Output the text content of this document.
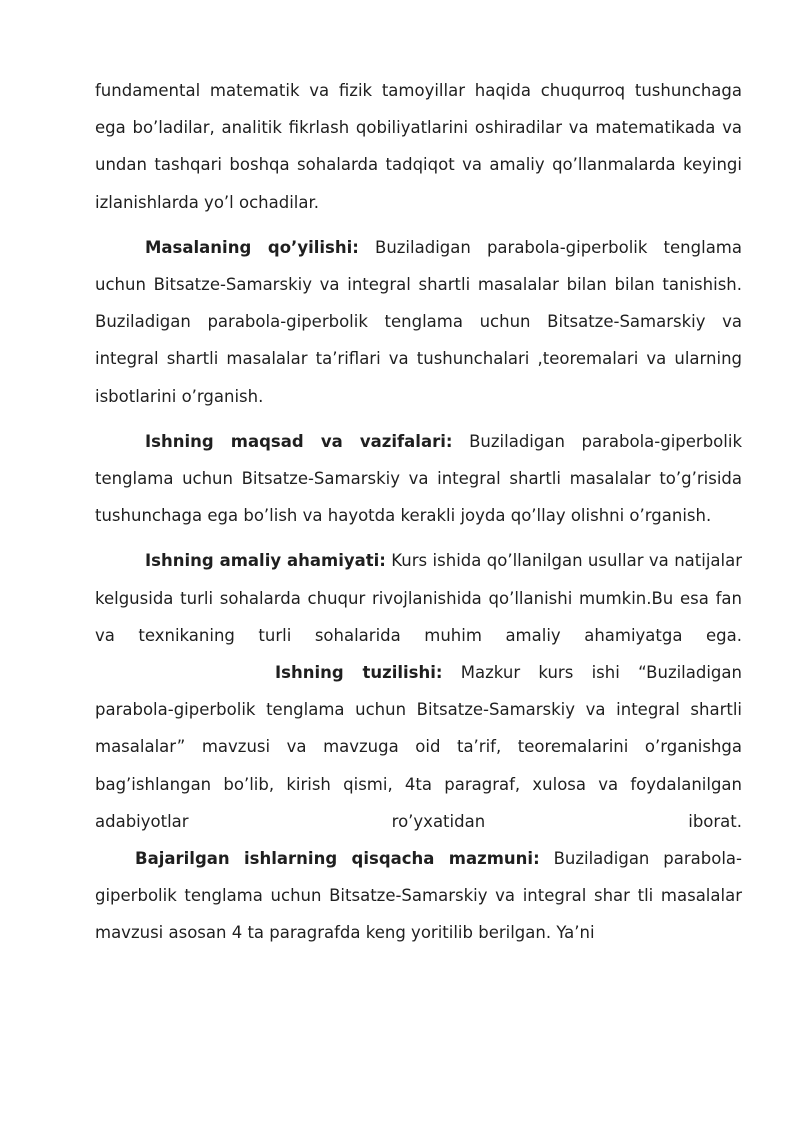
fundamental matematik va fizik tamoyillar haqida chuqurroq tushunchaga ega bo’ladilar, analitik fikrlash qobiliyatlarini oshiradilar va matematikada va undan tashqari boshqa sohalarda tadqiqot va amaliy qo’llanmalarda keyingi izlanishlarda yo’l ochadilar.

Masalaning qo’yilishi: Buziladigan parabola-giperbolik tenglama uchun Bitsatze-Samarskiy va integral shartli masalalar bilan bilan tanishish. Buziladigan parabola-giperbolik tenglama uchun Bitsatze-Samarskiy va integral shartli masalalar ta’riflari va tushunchalari ,teoremalari va ularning isbotlarini o’rganish.

Ishning maqsad va vazifalari: Buziladigan parabola-giperbolik tenglama uchun Bitsatze-Samarskiy va integral shartli masalalar to’g’risida tushunchaga ega bo’lish va hayotda kerakli joyda qo’llay olishni o’rganish.

Ishning amaliy ahamiyati: Kurs ishida qo’llanilgan usullar va natijalar kelgusida turli sohalarda chuqur rivojlanishida qo’llanishi mumkin.Bu esa fan va texnikaning turli sohalarida muhim amaliy ahamiyatga ega.Ishning tuzilishi: Mazkur kurs ishi “Buziladigan parabola-giperbolik tenglama uchun Bitsatze-Samarskiy va integral shartli masalalar” mavzusi va mavzuga oid ta’rif, teoremalarini o’rganishga bag’ishlangan bo’lib, kirish qismi, 4ta paragraf, xulosa va foydalanilgan adabiyotlar ro’yxatidan iborat.

Bajarilgan ishlarning qisqacha mazmuni: Buziladigan parabola-giperbolik tenglama uchun Bitsatze-Samarskiy va integral shar tli masalalar mavzusi asosan 4 ta paragrafda keng yoritilib berilgan. Ya’ni
